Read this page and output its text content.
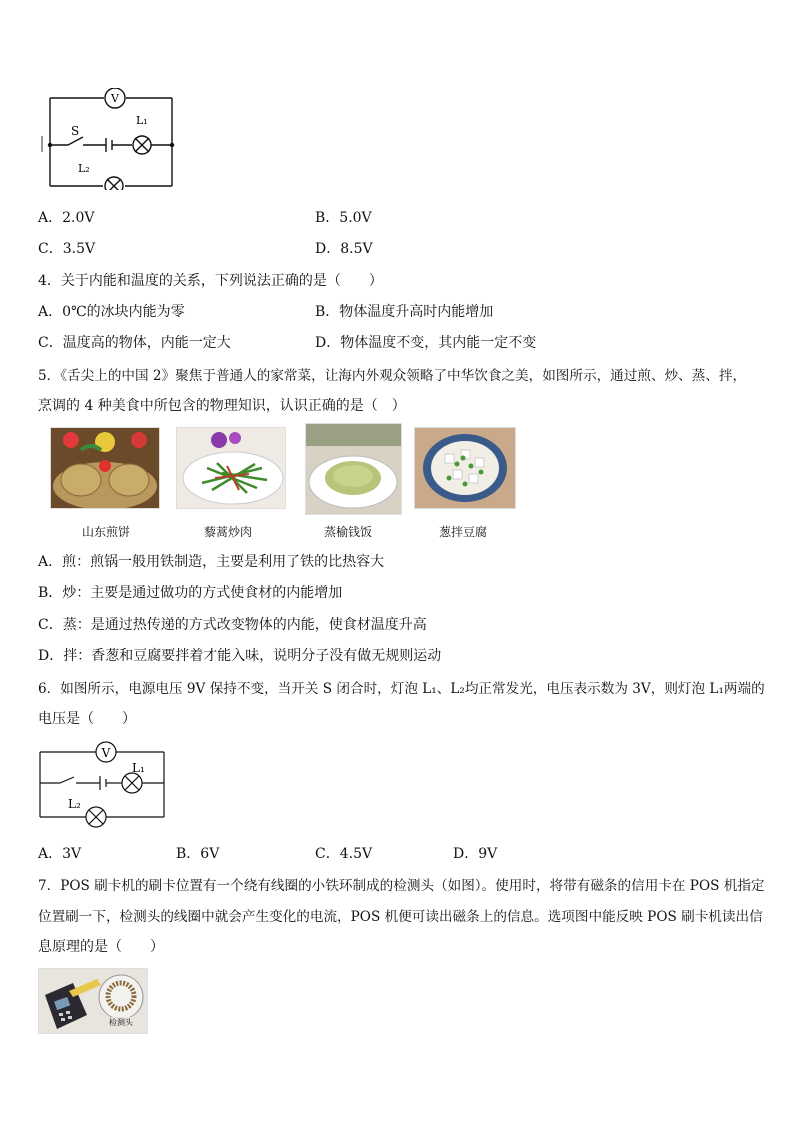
V
S
L₁
L₂
A．2.0V	B．5.0V
C．3.5V	D．8.5V
4．关于内能和温度的关系，下列说法正确的是（　　）
A．0℃的冰块内能为零	B．物体温度升高时内能增加
C．温度高的物体，内能一定大	D．物体温度不变，其内能一定不变
5．《舌尖上的中国 2》聚焦于普通人的家常菜，让海内外观众领略了中华饮食之美，如图所示，通过煎、炒、蒸、拌，
烹调的 4 种美食中所包含的物理知识，认识正确的是（　）
山东煎饼	藜蒿炒肉	蒸榆钱饭	葱拌豆腐
A．煎：煎锅一般用铁制造，主要是利用了铁的比热容大
B．炒：主要是通过做功的方式使食材的内能增加
C．蒸：是通过热传递的方式改变物体的内能，使食材温度升高
D．拌：香葱和豆腐要拌着才能入味，说明分子没有做无规则运动
6．如图所示，电源电压 9V 保持不变，当开关 S 闭合时，灯泡 L₁、L₂均正常发光，电压表示数为 3V，则灯泡 L₁两端的
电压是（　　）
V
L₁
L₂
A．3V	B．6V	C．4.5V	D．9V
7．POS 刷卡机的刷卡位置有一个绕有线圈的小铁环制成的检测头（如图）。使用时，将带有磁条的信用卡在 POS 机指定
位置刷一下，检测头的线圈中就会产生变化的电流，POS 机便可读出磁条上的信息。选项图中能反映 POS 刷卡机读出信
息原理的是（　　）
检测头
